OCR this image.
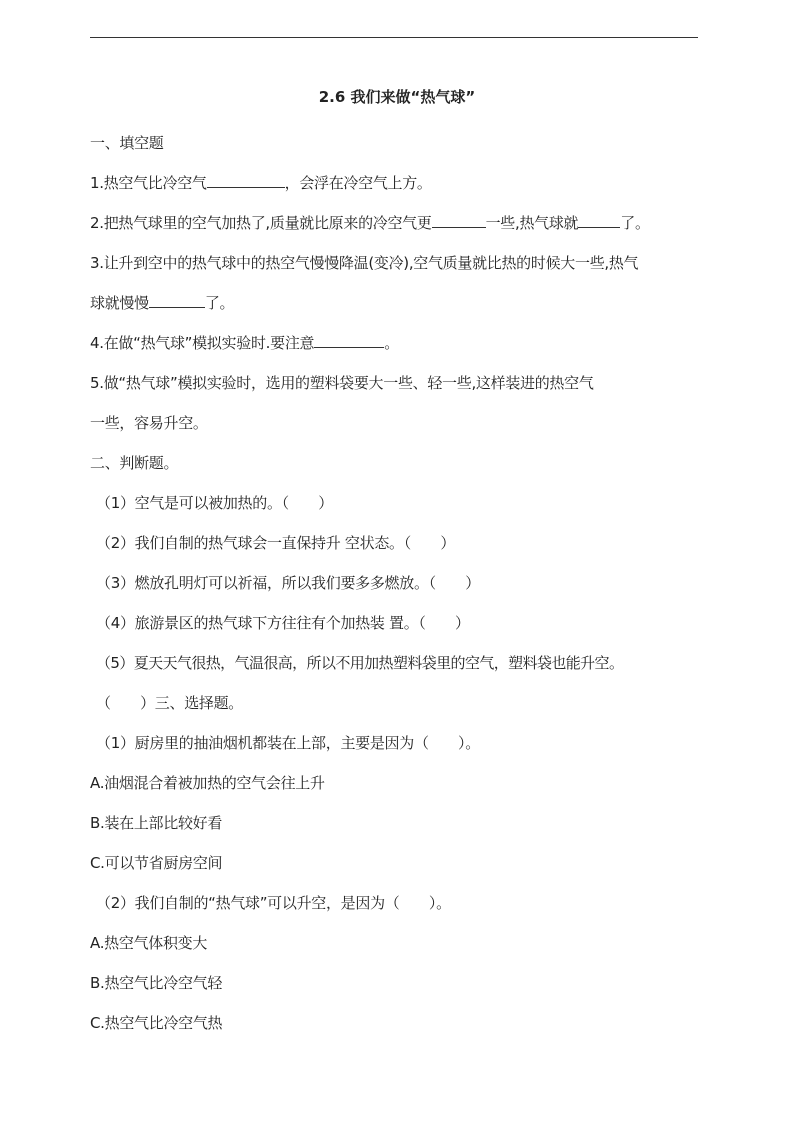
2.6 我们来做“热气球”
一、填空题
1.热空气比冷空气	，会浮在冷空气上方。
2.把热气球里的空气加热了,质量就比原来的冷空气更	一些,热气球就	了。
3.让升到空中的热气球中的热空气慢慢降温(变冷),空气质量就比热的时候大一些,热气
球就慢慢	了。
4.在做“热气球”模拟实验时.要注意	。
5.做“热气球”模拟实验时，选用的塑料袋要大一些、轻一些,这样装进的热空气
一些，容易升空。
二、判断题。
（1）空气是可以被加热的。（　　）
（2）我们自制的热气球会一直保持升 空状态。（　　）
（3）燃放孔明灯可以祈福，所以我们要多多燃放。（　　）
（4）旅游景区的热气球下方往往有个加热装 置。（　　）
（5）夏天天气很热，气温很高，所以不用加热塑料袋里的空气，塑料袋也能升空。
（　　）三、选择题。
（1）厨房里的抽油烟机都装在上部，主要是因为（　　）。
A.油烟混合着被加热的空气会往上升
B.装在上部比较好看
C.可以节省厨房空间
（2）我们自制的“热气球”可以升空，是因为（　　）。
A.热空气体积变大
B.热空气比冷空气轻
C.热空气比冷空气热
